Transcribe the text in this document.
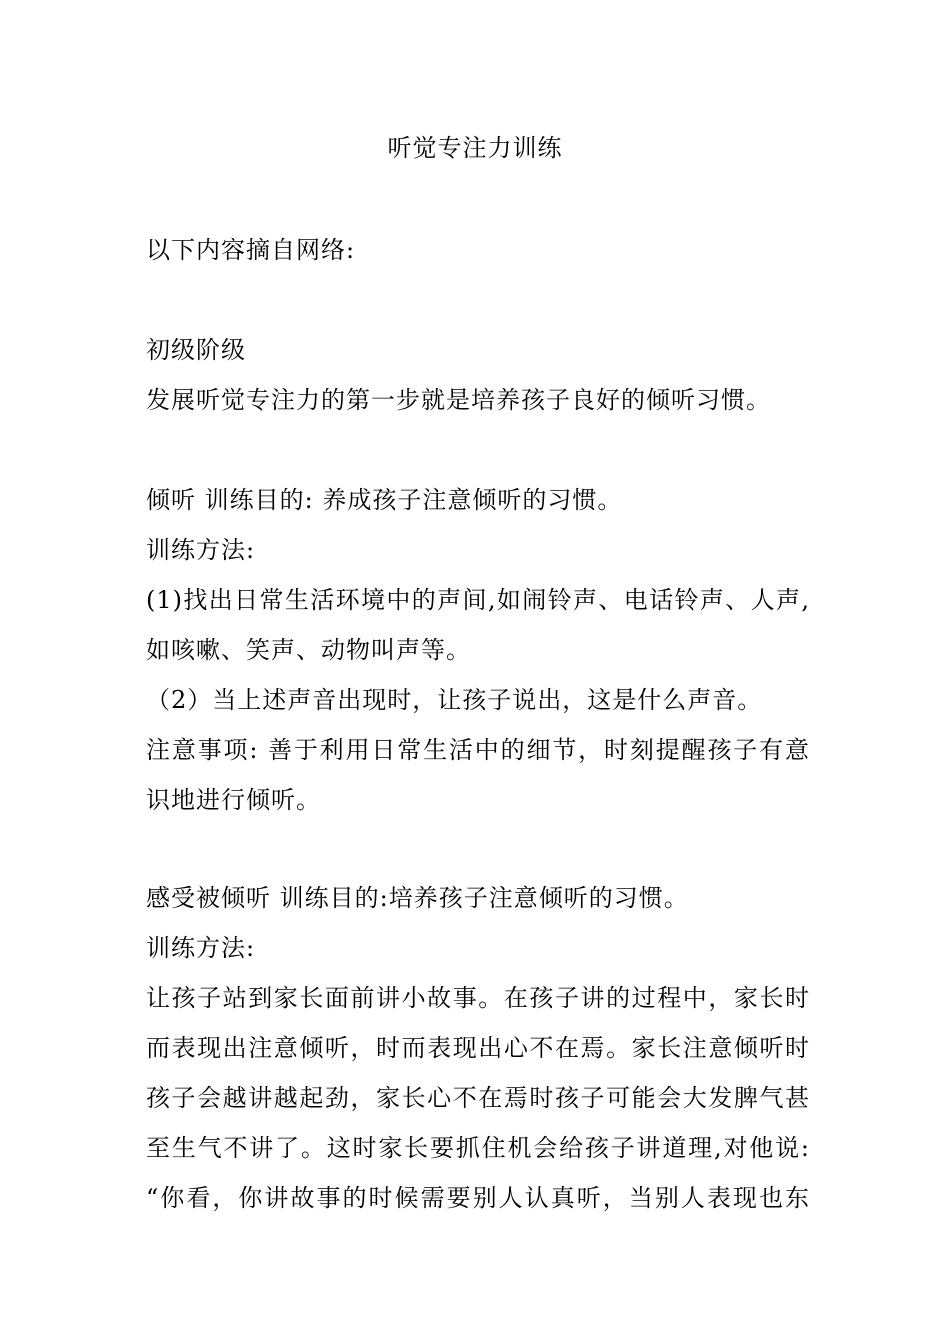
听觉专注力训练
以下内容摘自网络:
初级阶级
发展听觉专注力的第一步就是培养孩子良好的倾听习惯。
倾听 训练目的: 养成孩子注意倾听的习惯。
训练方法:
(1)找出日常生活环境中的声间,如闹铃声、电话铃声、人声,
如咳嗽、笑声、动物叫声等。
（2）当上述声音出现时，让孩子说出，这是什么声音。
注意事项: 善于利用日常生活中的细节，时刻提醒孩子有意
识地进行倾听。
感受被倾听 训练目的:培养孩子注意倾听的习惯。
训练方法:
让孩子站到家长面前讲小故事。在孩子讲的过程中，家长时
而表现出注意倾听，时而表现出心不在焉。家长注意倾听时
孩子会越讲越起劲，家长心不在焉时孩子可能会大发脾气甚
至生气不讲了。这时家长要抓住机会给孩子讲道理,对他说:
“你看，你讲故事的时候需要别人认真听，当别人表现也东
